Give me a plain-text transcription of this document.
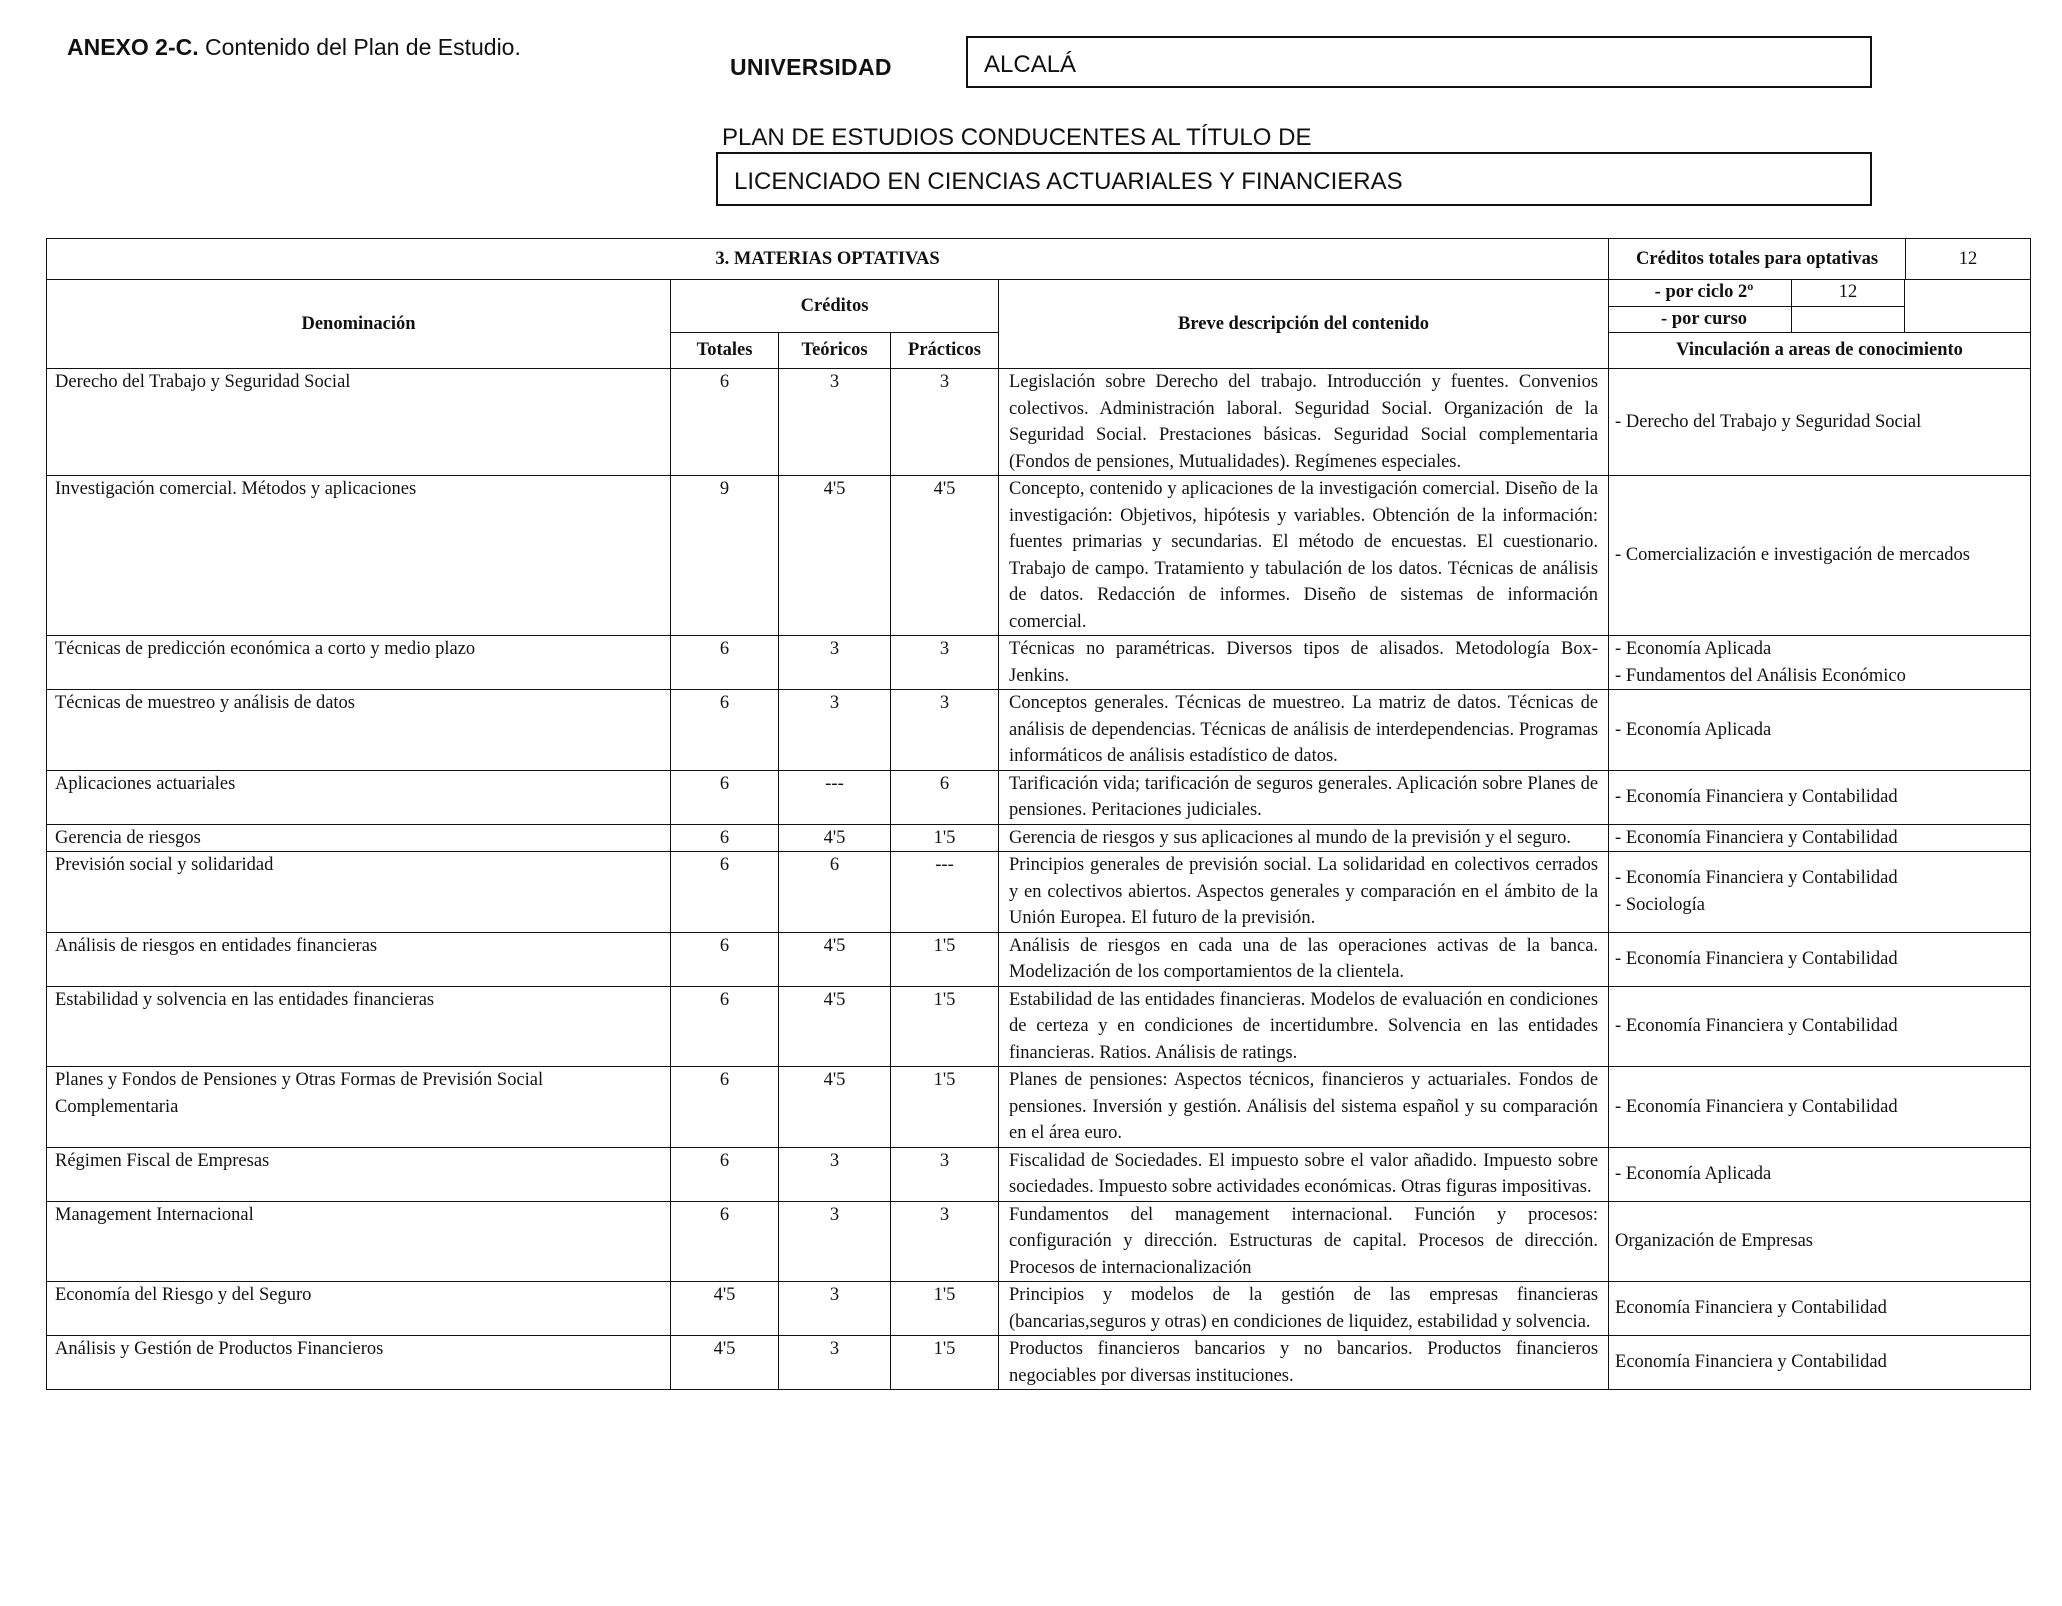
ANEXO 2-C. Contenido del Plan de Estudio.
UNIVERSIDAD	ALCALÁ
PLAN DE ESTUDIOS CONDUCENTES AL TÍTULO DE
LICENCIADO EN CIENCIAS ACTUARIALES Y FINANCIERAS
3. MATERIAS OPTATIVAS					Créditos totales para optativas 12

Denominación	Créditos			Breve descripción del contenido	- por ciclo 2º 12
- por curso

	Totales	Teóricos	Prácticos		Vinculación a areas de conocimiento
Derecho del Trabajo y Seguridad Social	6	3	3	Legislación sobre Derecho del trabajo. Introducción y fuentes. Convenios colectivos. Administración laboral. Seguridad Social. Organización de la Seguridad Social. Prestaciones básicas. Seguridad Social complementaria (Fondos de pensiones, Mutualidades). Regímenes especiales.	- Derecho del Trabajo y Seguridad Social

Investigación comercial. Métodos y aplicaciones	9	4'5	4'5	Concepto, contenido y aplicaciones de la investigación comercial. Diseño de la investigación: Objetivos, hipótesis y variables. Obtención de la información: fuentes primarias y secundarias. El método de encuestas. El cuestionario. Trabajo de campo. Tratamiento y tabulación de los datos. Técnicas de análisis de datos. Redacción de informes. Diseño de sistemas de información comercial.	- Comercialización e investigación de mercados

Técnicas de predicción económica a corto y medio plazo	6	3	3	Técnicas no paramétricas. Diversos tipos de alisados. Metodología Box-Jenkins.	- Economía Aplicada
- Fundamentos del Análisis Económico

Técnicas de muestreo y análisis de datos	6	3	3	Conceptos generales. Técnicas de muestreo. La matriz de datos. Técnicas de análisis de dependencias. Técnicas de análisis de interdependencias. Programas informáticos de análisis estadístico de datos.	- Economía Aplicada

Aplicaciones actuariales	6	---	6	Tarificación vida; tarificación de seguros generales. Aplicación sobre Planes de pensiones. Peritaciones judiciales.	- Economía Financiera y Contabilidad

Gerencia de riesgos	6	4'5	1'5	Gerencia de riesgos y sus aplicaciones al mundo de la previsión y el seguro.	- Economía Financiera y Contabilidad

Previsión social y solidaridad	6	6	---	Principios generales de previsión social. La solidaridad en colectivos cerrados y en colectivos abiertos. Aspectos generales y comparación en el ámbito de la Unión Europea. El futuro de la previsión.	- Economía Financiera y Contabilidad
- Sociología

Análisis de riesgos en entidades financieras	6	4'5	1'5	Análisis de riesgos en cada una de las operaciones activas de la banca. Modelización de los comportamientos de la clientela.	- Economía Financiera y Contabilidad

Estabilidad y solvencia en las entidades financieras	6	4'5	1'5	Estabilidad de las entidades financieras. Modelos de evaluación en condiciones de certeza y en condiciones de incertidumbre. Solvencia en las entidades financieras. Ratios. Análisis de ratings.	- Economía Financiera y Contabilidad

Planes y Fondos de Pensiones y Otras Formas de Previsión Social Complementaria	6	4'5	1'5	Planes de pensiones: Aspectos técnicos, financieros y actuariales. Fondos de pensiones. Inversión y gestión. Análisis del sistema español y su comparación en el área euro.	- Economía Financiera y Contabilidad

Régimen Fiscal de Empresas	6	3	3	Fiscalidad de Sociedades. El impuesto sobre el valor añadido. Impuesto sobre sociedades. Impuesto sobre actividades económicas. Otras figuras impositivas.	- Economía Aplicada

Management Internacional	6	3	3	Fundamentos del management internacional. Función y procesos: configuración y dirección. Estructuras de capital. Procesos de dirección. Procesos de internacionalización	Organización de Empresas

Economía del Riesgo y del Seguro	4'5	3	1'5	Principios y modelos de la gestión de las empresas financieras (bancarias,seguros y otras) en condiciones de liquidez, estabilidad y solvencia.	Economía Financiera y Contabilidad

Análisis y Gestión de Productos Financieros	4'5	3	1'5	Productos financieros bancarios y no bancarios. Productos financieros negociables por diversas instituciones.	Economía Financiera y Contabilidad
